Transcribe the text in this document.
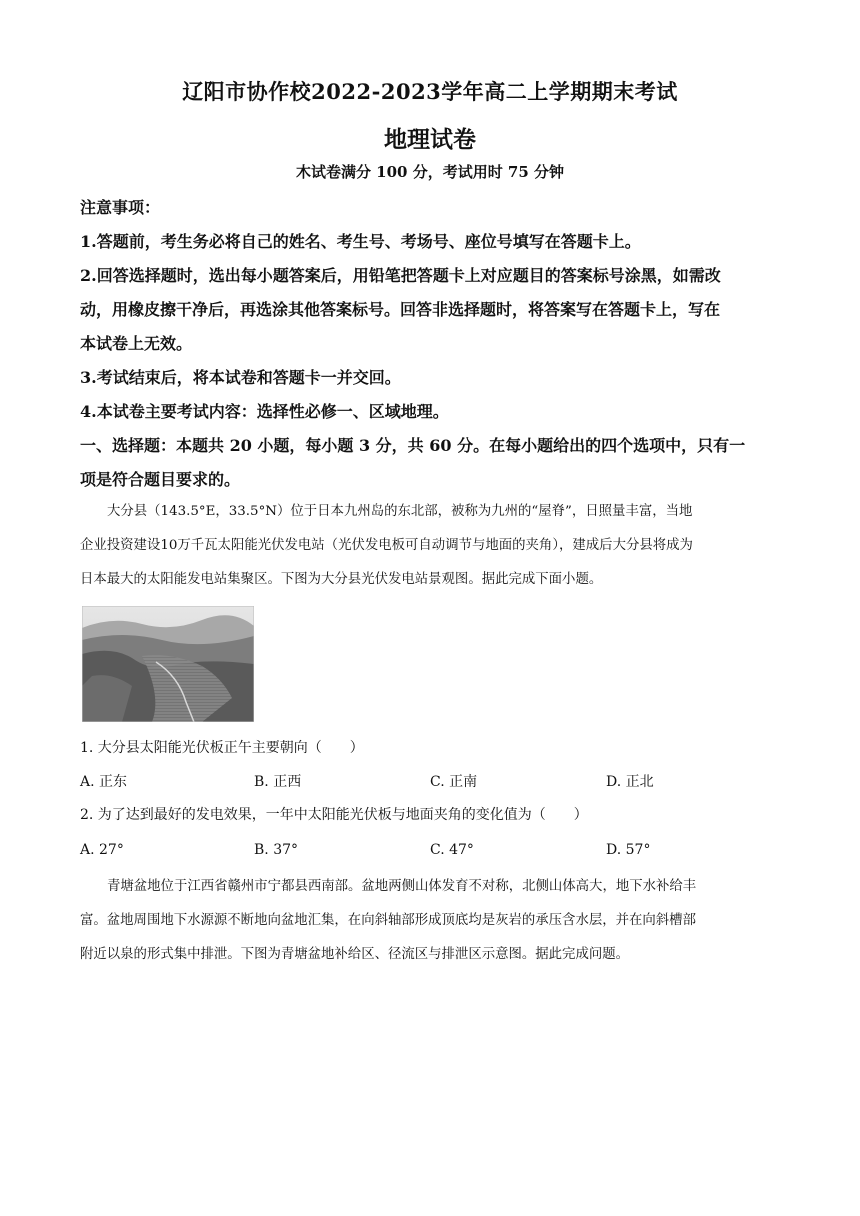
辽阳市协作校2022-2023学年高二上学期期末考试
地理试卷
木试卷满分 100 分，考试用时 75 分钟
注意事项：
1.答题前，考生务必将自己的姓名、考生号、考场号、座位号填写在答题卡上。
2.回答选择题时，选出每小题答案后，用铅笔把答题卡上对应题目的答案标号涂黑，如需改
动，用橡皮擦干净后，再选涂其他答案标号。回答非选择题时，将答案写在答题卡上，写在
本试卷上无效。
3.考试结束后，将本试卷和答题卡一并交回。
4.本试卷主要考试内容：选择性必修一、区域地理。
一、选择题：本题共 20 小题，每小题 3 分，共 60 分。在每小题给出的四个选项中，只有一
项是符合题目要求的。
大分县（143.5°E，33.5°N）位于日本九州岛的东北部，被称为九州的“屋脊”，日照量丰富，当地
企业投资建设10万千瓦太阳能光伏发电站（光伏发电板可自动调节与地面的夹角），建成后大分县将成为
日本最大的太阳能发电站集聚区。下图为大分县光伏发电站景观图。据此完成下面小题。
1. 大分县太阳能光伏板正午主要朝向（　　）
A. 正东	B. 正西	C. 正南	D. 正北
2. 为了达到最好的发电效果，一年中太阳能光伏板与地面夹角的变化值为（　　）
A. 27°	B. 37°	C. 47°	D. 57°
青塘盆地位于江西省赣州市宁都县西南部。盆地两侧山体发育不对称，北侧山体高大，地下水补给丰
富。盆地周围地下水源源不断地向盆地汇集，在向斜轴部形成顶底均是灰岩的承压含水层，并在向斜槽部
附近以泉的形式集中排泄。下图为青塘盆地补给区、径流区与排泄区示意图。据此完成问题。
